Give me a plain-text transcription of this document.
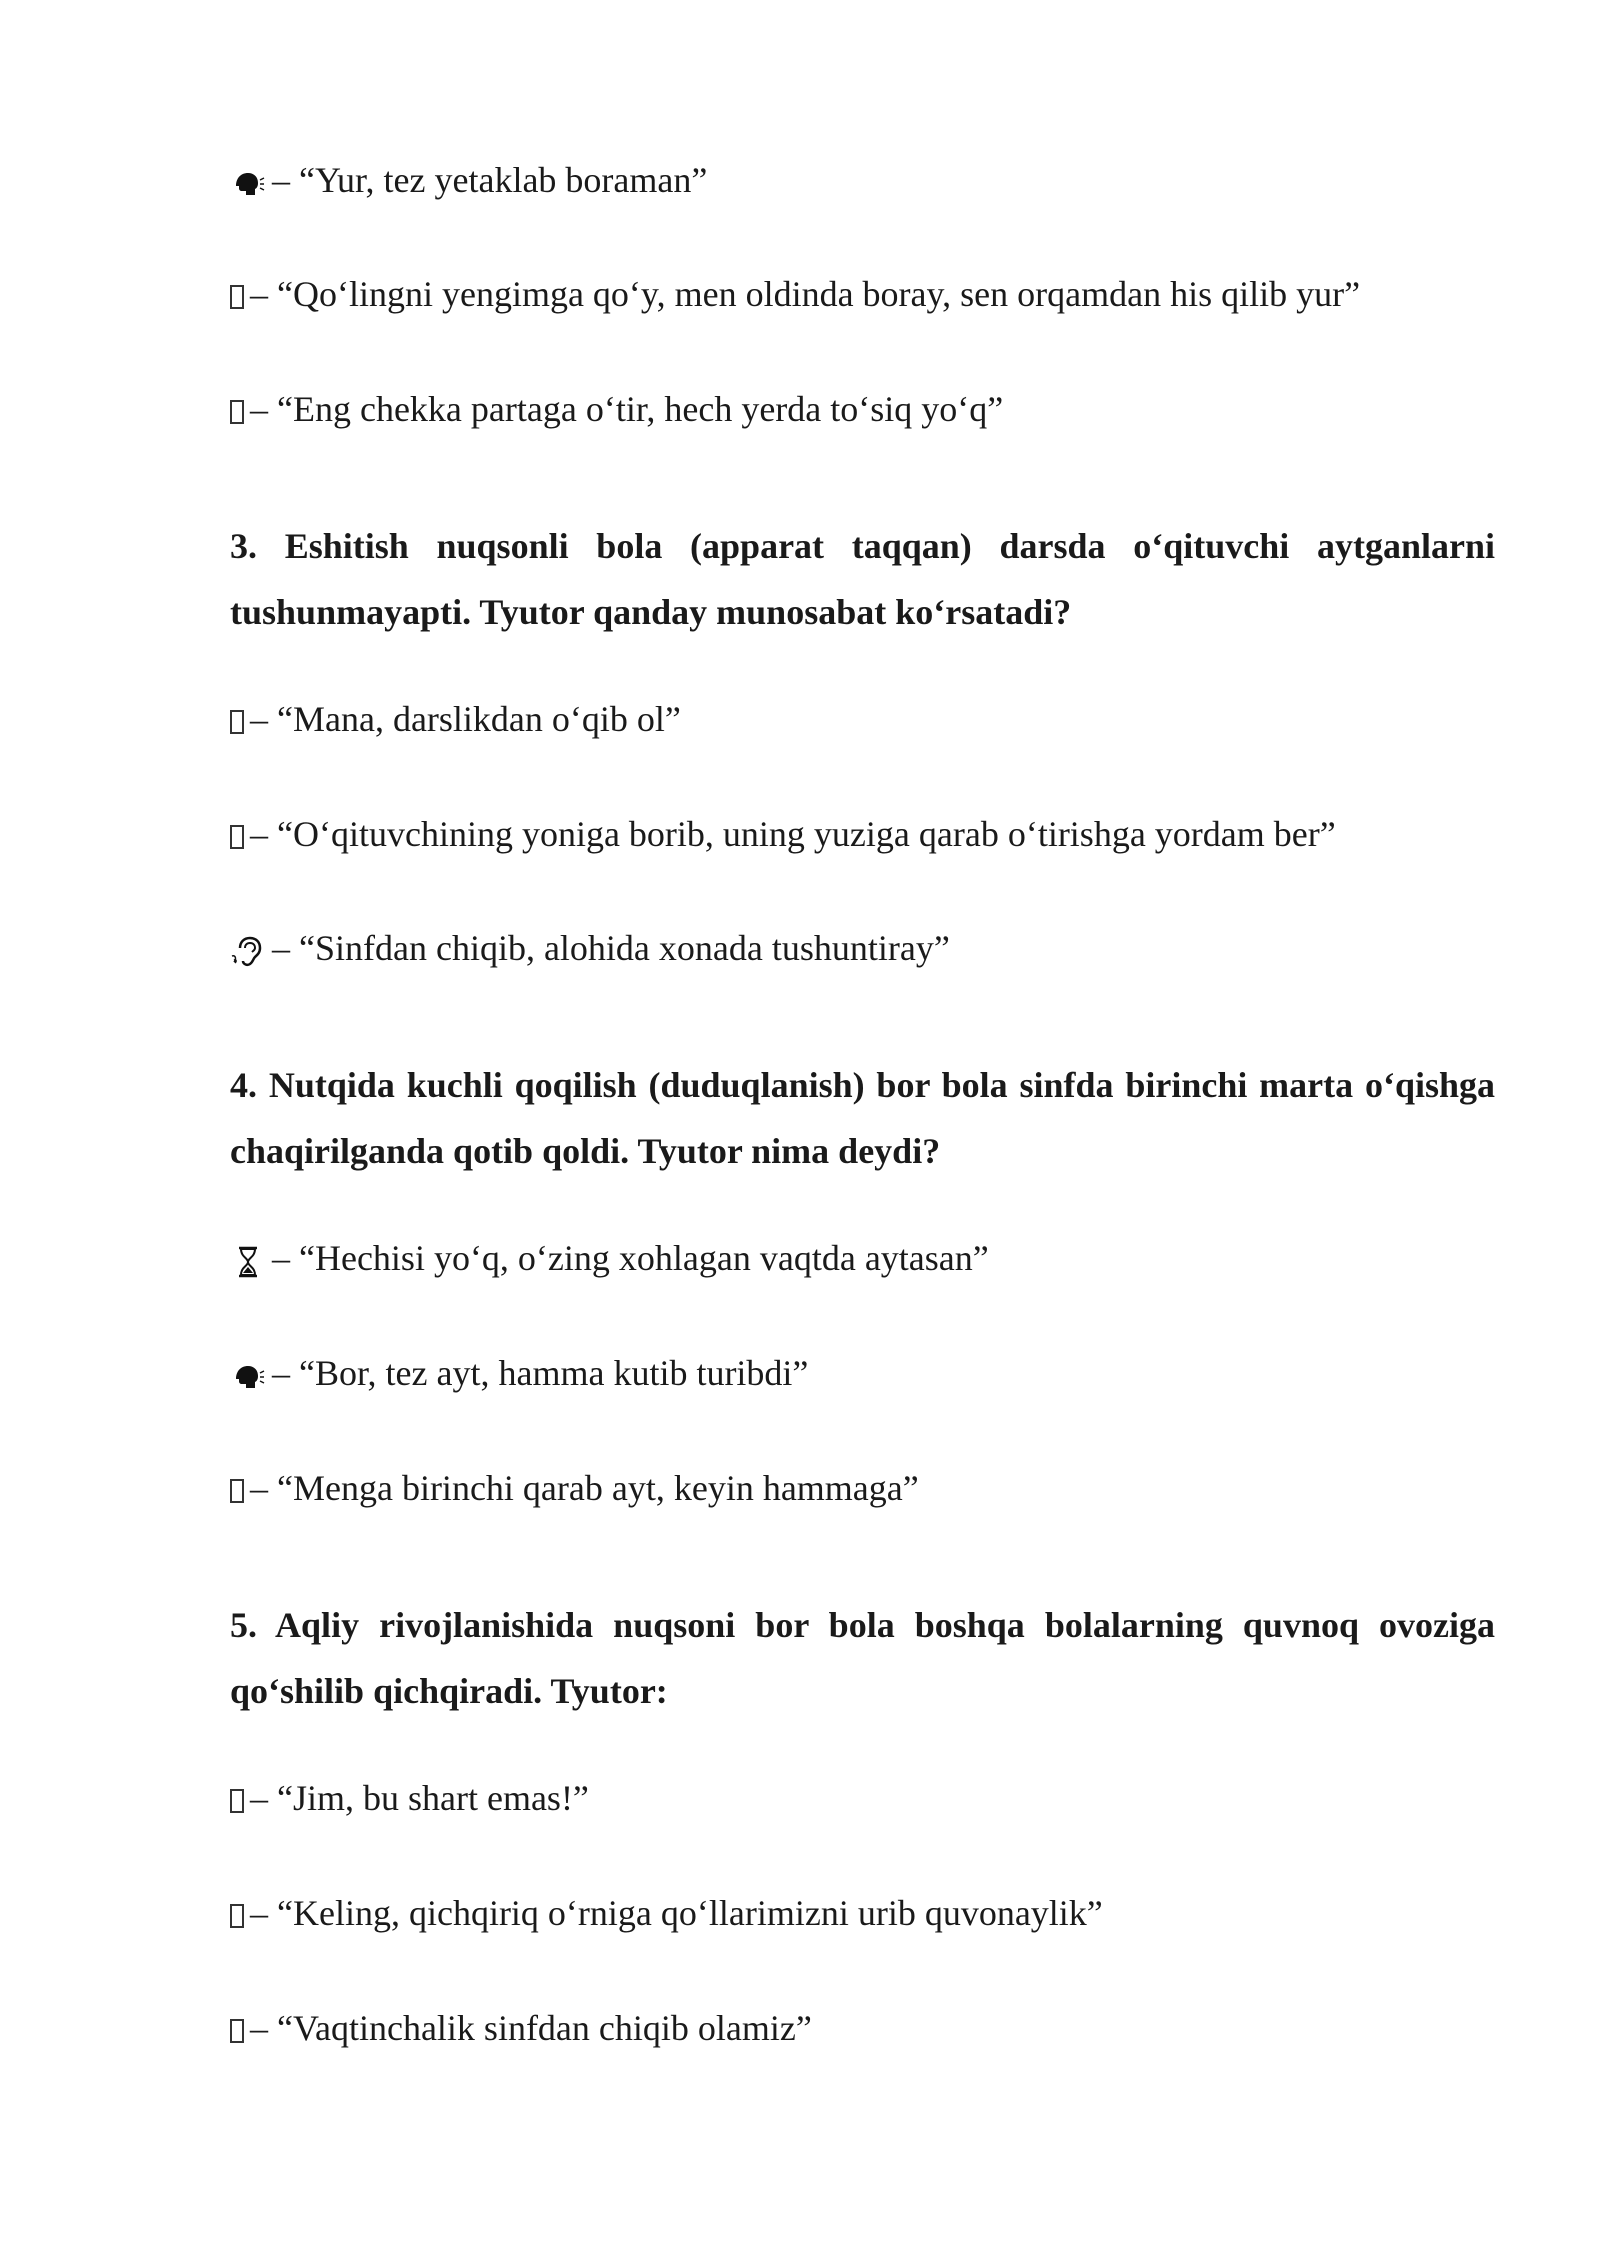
– “Yur, tez yetaklab boraman”
– “Qo‘lingni yengimga qo‘y, men oldinda boray, sen orqamdan his qilib yur”
– “Eng chekka partaga o‘tir, hech yerda to‘siq yo‘q”
3. Eshitish nuqsonli bola (apparat taqqan) darsda o‘qituvchi aytganlarni tushunmayapti. Tyutor qanday munosabat ko‘rsatadi?
– “Mana, darslikdan o‘qib ol”
– “O‘qituvchining yoniga borib, uning yuziga qarab o‘tirishga yordam ber”
– “Sinfdan chiqib, alohida xonada tushuntiray”
4. Nutqida kuchli qoqilish (duduqlanish) bor bola sinfda birinchi marta o‘qishga chaqirilganda qotib qoldi. Tyutor nima deydi?
– “Hechisi yo‘q, o‘zing xohlagan vaqtda aytasan”
– “Bor, tez ayt, hamma kutib turibdi”
– “Menga birinchi qarab ayt, keyin hammaga”
5. Aqliy rivojlanishida nuqsoni bor bola boshqa bolalarning quvnoq ovoziga qo‘shilib qichqiradi. Tyutor:
– “Jim, bu shart emas!”
– “Keling, qichqiriq o‘rniga qo‘llarimizni urib quvonaylik”
– “Vaqtinchalik sinfdan chiqib olamiz”
